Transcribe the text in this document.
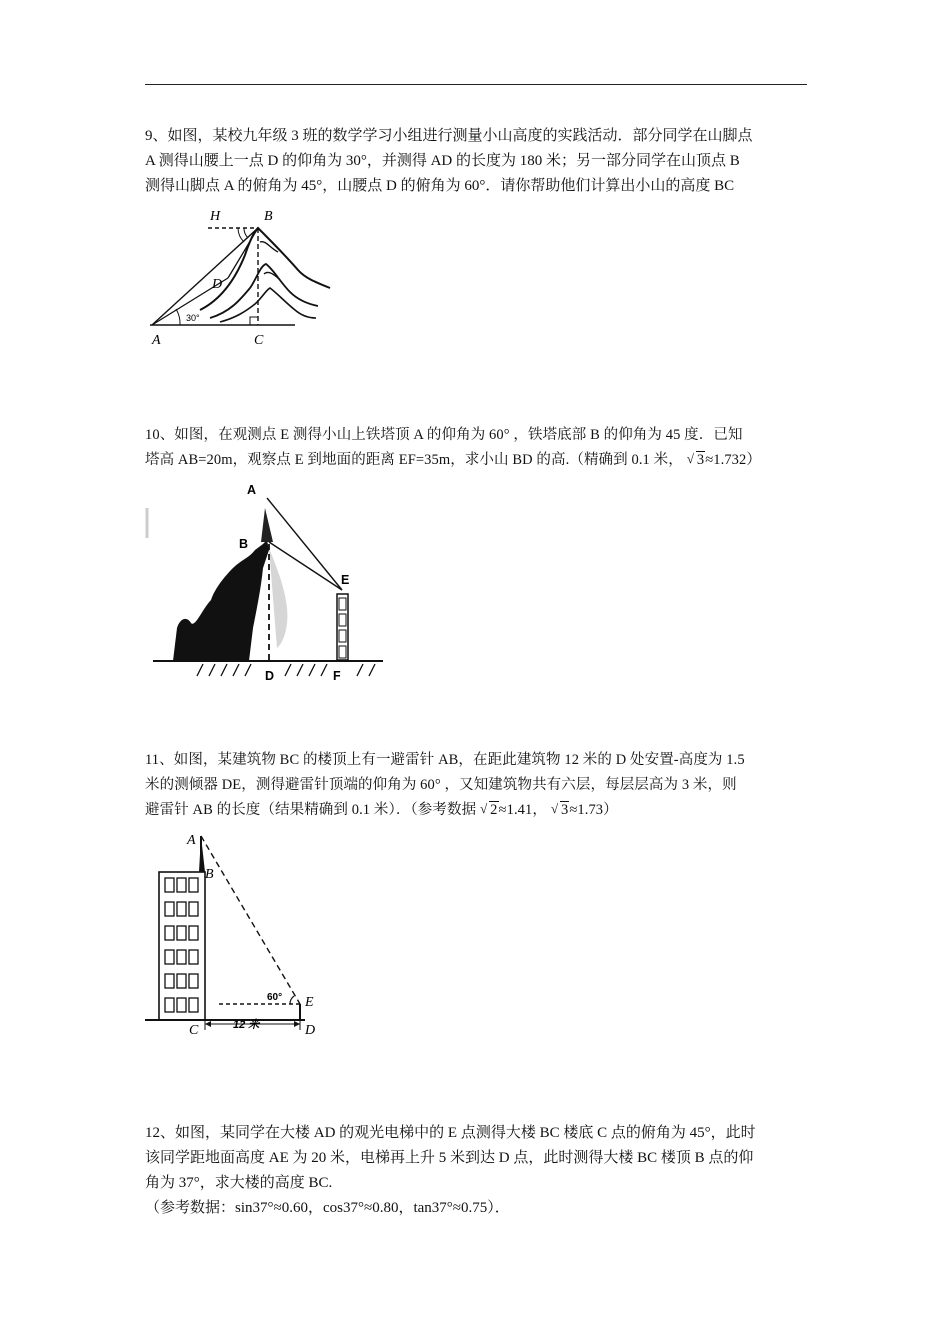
9、如图，某校九年级 3 班的数学学习小组进行测量小山高度的实践活动．部分同学在山脚点

A 测得山腰上一点 D 的仰角为 30°，并测得 AD 的长度为 180 米；另一部分同学在山顶点 B

测得山脚点 A 的俯角为 45°，山腰点 D 的俯角为 60°．请你帮助他们计算出小山的高度 BC

H	B
D
A	C
30°

10、如图，在观测点 E 测得小山上铁塔顶 A 的仰角为 60° ，铁塔底部 B 的仰角为 45 度．已知

塔高 AB=20m，观察点 E 到地面的距离 EF=35m，求小山 BD 的高.（精确到 0.1 米， √ 3≈1.732）

A
B
E
D	F

11、如图，某建筑物 BC 的楼顶上有一避雷针 AB，在距此建筑物 12 米的 D 处安置-高度为 1.5

米的测倾器 DE，测得避雷针顶端的仰角为 60° ，又知建筑物共有六层，每层层高为 3 米，则

避雷针 AB 的长度（结果精确到 0.1 米）．（参考数据 √ 2≈1.41， √ 3≈1.73）

A
B
C	D
E
60°
12 米

12、如图，某同学在大楼 AD 的观光电梯中的 E 点测得大楼 BC 楼底 C 点的俯角为 45°，此时

该同学距地面高度 AE 为 20 米，电梯再上升 5 米到达 D 点，此时测得大楼 BC 楼顶 B 点的仰

角为 37°，求大楼的高度 BC.

（参考数据：sin37°≈0.60，cos37°≈0.80，tan37°≈0.75）．
